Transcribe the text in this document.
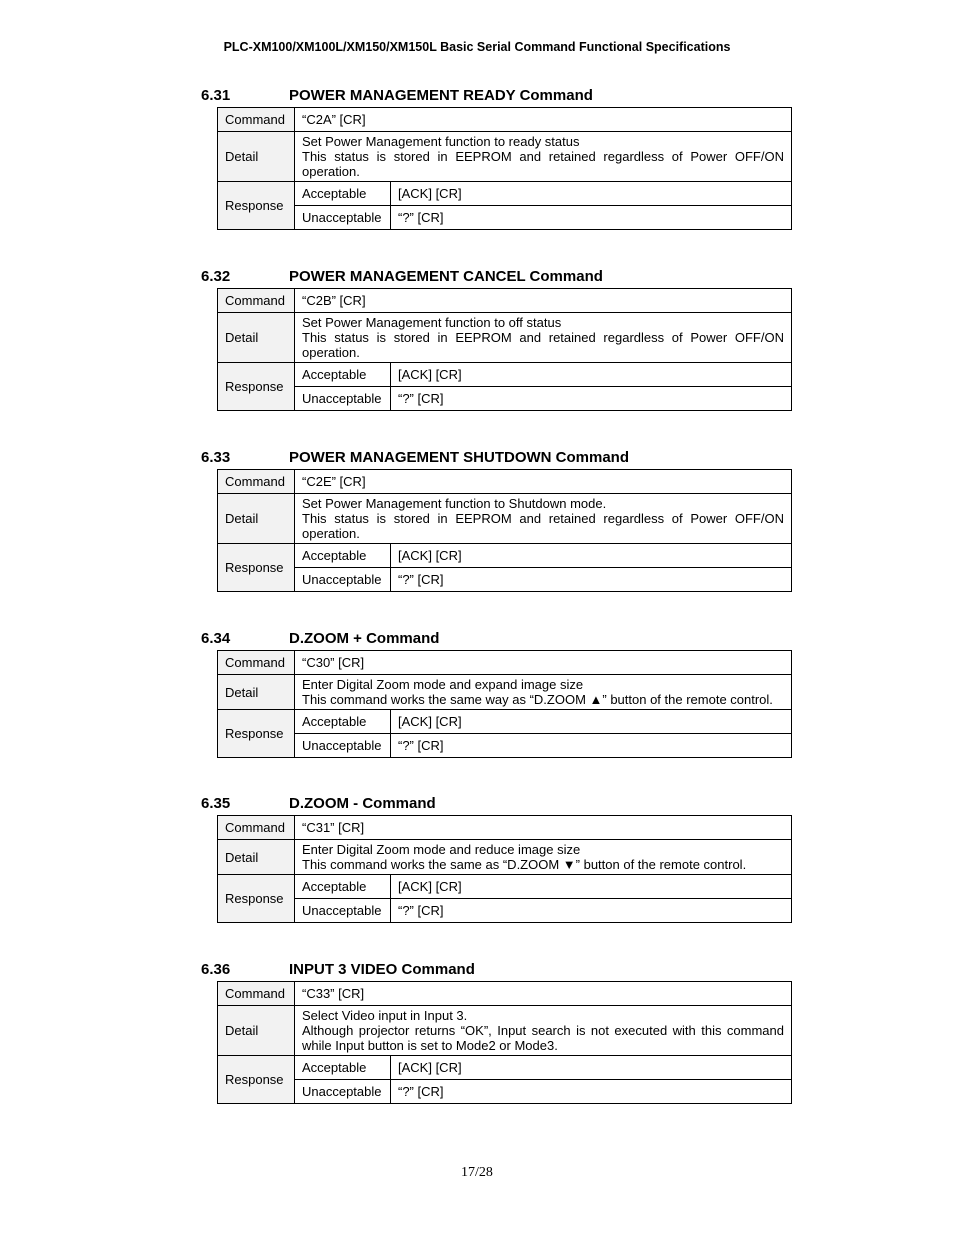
PLC-XM100/XM100L/XM150/XM150L Basic Serial Command Functional Specifications
6.31	POWER MANAGEMENT READY Command
Command	“C2A” [CR]	
Detail	Set Power Management function to ready status
This status is stored in EEPROM and retained regardless of Power OFF/ON operation.	

Response	Acceptable	[ACK] [CR]
	Unacceptable	“?” [CR]
6.32	POWER MANAGEMENT CANCEL Command
Command	“C2B” [CR]	
Detail	Set Power Management function to off status
This status is stored in EEPROM and retained regardless of Power OFF/ON operation.	

Response	Acceptable	[ACK] [CR]
	Unacceptable	“?” [CR]
6.33	POWER MANAGEMENT SHUTDOWN Command
Command	“C2E” [CR]	
Detail	Set Power Management function to Shutdown mode.
This status is stored in EEPROM and retained regardless of Power OFF/ON operation.	

Response	Acceptable	[ACK] [CR]
	Unacceptable	“?” [CR]
6.34	D.ZOOM + Command
Command	“C30” [CR]	
Detail	Enter Digital Zoom mode and expand image size
This command works the same way as “D.ZOOM ▲” button of the remote control.	

Response	Acceptable	[ACK] [CR]
	Unacceptable	“?” [CR]
6.35	D.ZOOM - Command
Command	“C31” [CR]	
Detail	Enter Digital Zoom mode and reduce image size
This command works the same as “D.ZOOM ▼” button of the remote control.	

Response	Acceptable	[ACK] [CR]
	Unacceptable	“?” [CR]
6.36	INPUT 3 VIDEO Command
Command	“C33” [CR]	
Detail	Select Video input in Input 3.
Although projector returns “OK”, Input search is not executed with this command while Input button is set to Mode2 or Mode3.	

Response	Acceptable	[ACK] [CR]
	Unacceptable	“?” [CR]
17/28
